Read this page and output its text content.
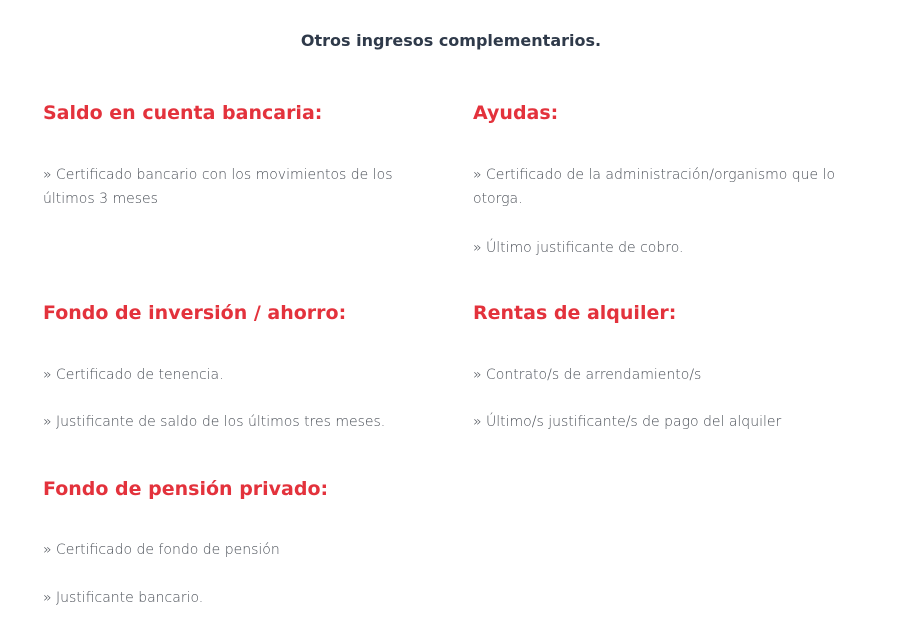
Otros ingresos complementarios.
Saldo en cuenta bancaria:
» Certificado bancario con los movimientos de los últimos 3 meses
Ayudas:
» Certificado de la administración/organismo que lo otorga.
» Último justificante de cobro.
Fondo de inversión / ahorro:
» Certificado de tenencia.
» Justificante de saldo de los últimos tres meses.
Rentas de alquiler:
» Contrato/s de arrendamiento/s
» Último/s justificante/s de pago del alquiler
Fondo de pensión privado:
» Certificado de fondo de pensión
» Justificante bancario.
